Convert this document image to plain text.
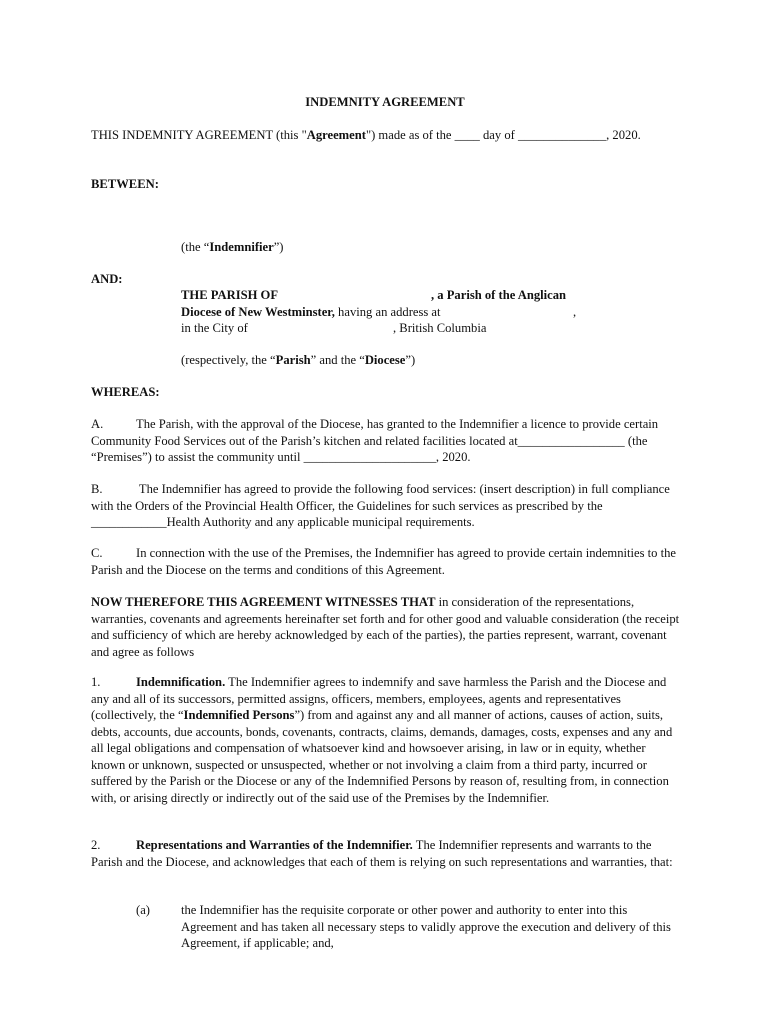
INDEMNITY AGREEMENT

THIS INDEMNITY AGREEMENT (this "Agreement") made as of the ____ day of ______________, 2020.

BETWEEN:

(the “Indemnifier”)

AND:

THE PARISH OF	, a Parish of the Anglican
Diocese of New Westminster, having an address at	,
in the City of	, British Columbia

(respectively, the “Parish” and the “Diocese”)

WHEREAS:

A.	The Parish, with the approval of the Diocese, has granted to the Indemnifier a licence to provide certain Community Food Services out of the Parish’s kitchen and related facilities located at_________________ (the “Premises”) to assist the community until _____________________, 2020.

B.	The Indemnifier has agreed to provide the following food services: (insert description) in full compliance with the Orders of the Provincial Health Officer, the Guidelines for such services as prescribed by the ____________Health Authority and any applicable municipal requirements.

C.	In connection with the use of the Premises, the Indemnifier has agreed to provide certain indemnities to the Parish and the Diocese on the terms and conditions of this Agreement.

NOW THEREFORE THIS AGREEMENT WITNESSES THAT in consideration of the representations, warranties, covenants and agreements hereinafter set forth and for other good and valuable consideration (the receipt and sufficiency of which are hereby acknowledged by each of the parties), the parties represent, warrant, covenant and agree as follows

1.	Indemnification. The Indemnifier agrees to indemnify and save harmless the Parish and the Diocese and any and all of its successors, permitted assigns, officers, members, employees, agents and representatives (collectively, the “Indemnified Persons”) from and against any and all manner of actions, causes of action, suits, debts, accounts, due accounts, bonds, covenants, contracts, claims, demands, damages, costs, expenses and any and all legal obligations and compensation of whatsoever kind and howsoever arising, in law or in equity, whether known or unknown, suspected or unsuspected, whether or not involving a claim from a third party, incurred or suffered by the Parish or the Diocese or any of the Indemnified Persons by reason of, resulting from, in connection with, or arising directly or indirectly out of the said use of the Premises by the Indemnifier.

2.	Representations and Warranties of the Indemnifier. The Indemnifier represents and warrants to the Parish and the Diocese, and acknowledges that each of them is relying on such representations and warranties, that:

(a) the Indemnifier has the requisite corporate or other power and authority to enter into this Agreement and has taken all necessary steps to validly approve the execution and delivery of this Agreement, if applicable; and,
